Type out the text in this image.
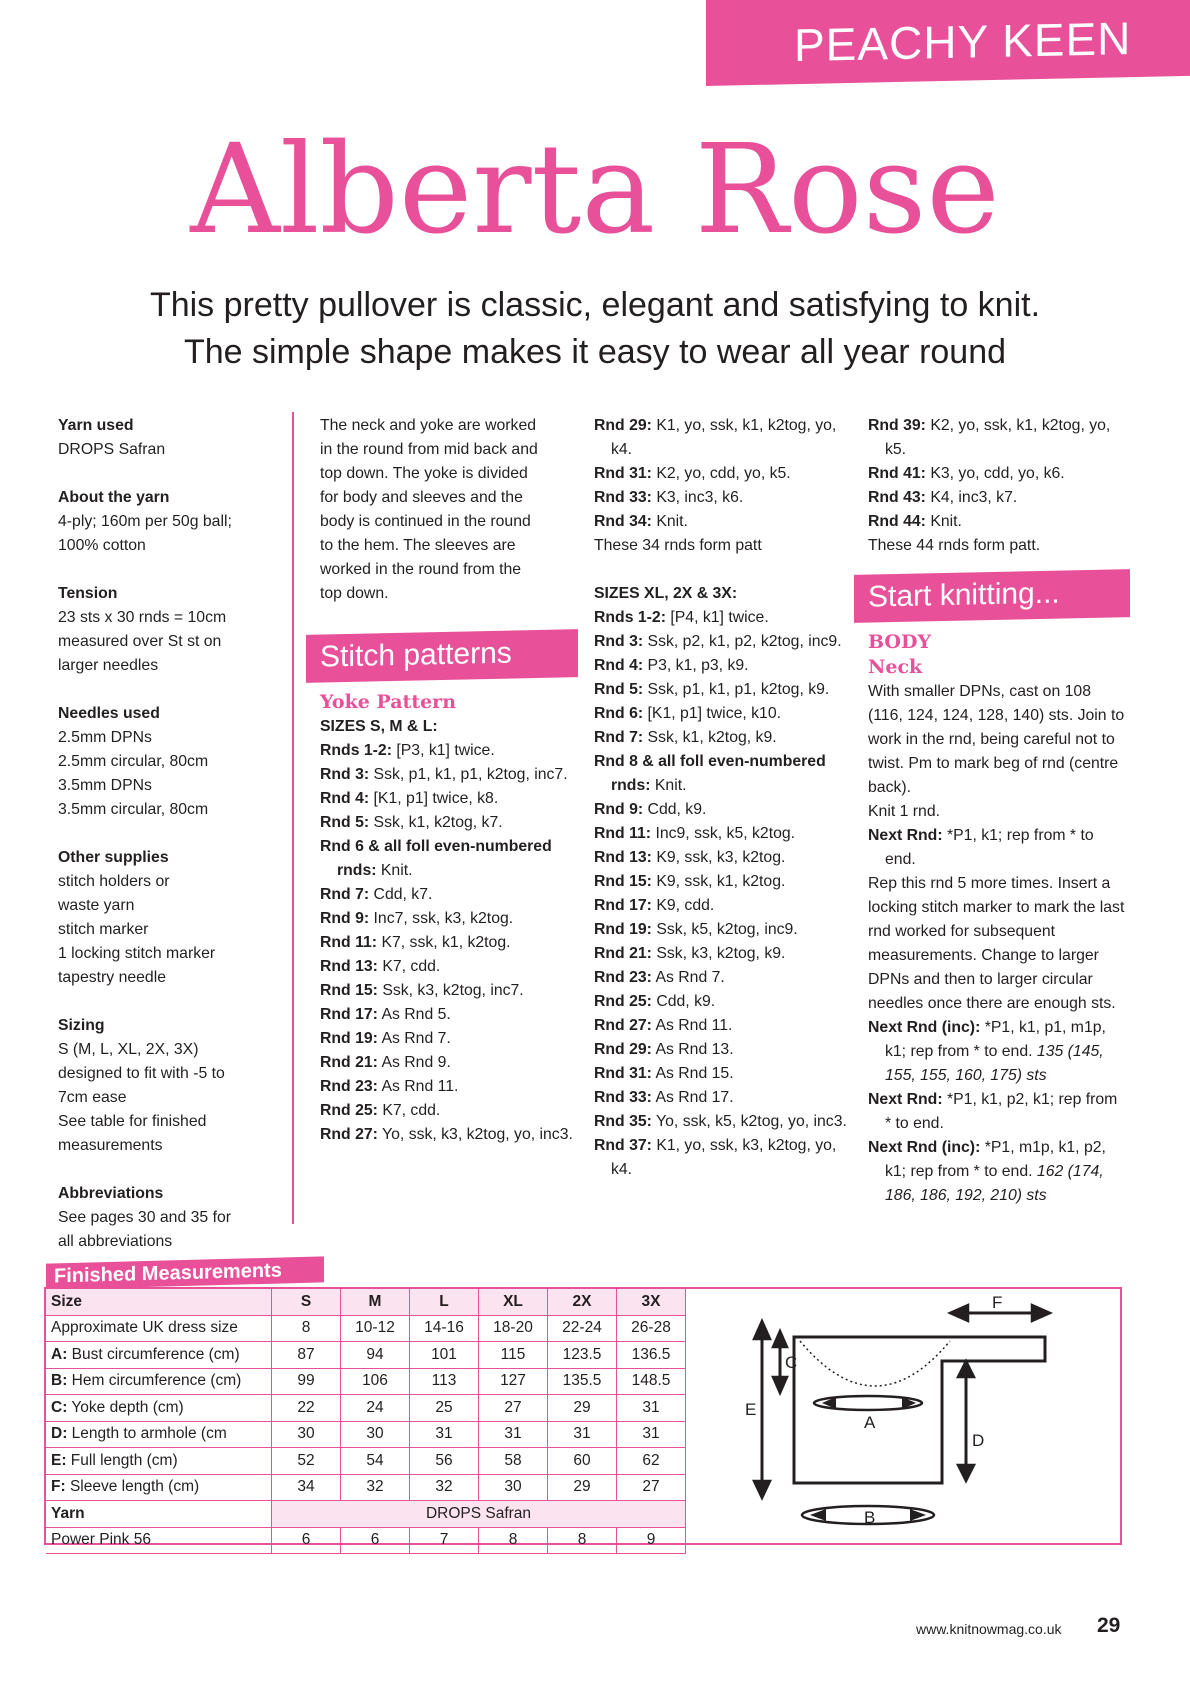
PEACHY KEEN
Alberta Rose
This pretty pullover is classic, elegant and satisfying to knit.
The simple shape makes it easy to wear all year round

Yarn used

DROPS Safran

About the yarn

4-ply; 160m per 50g ball;

100% cotton

Tension

23 sts x 30 rnds = 10cm

measured over St st on

larger needles

Needles used

2.5mm DPNs

2.5mm circular, 80cm

3.5mm DPNs

3.5mm circular, 80cm

Other supplies

stitch holders or

waste yarn

stitch marker

1 locking stitch marker

tapestry needle

Sizing

S (M, L, XL, 2X, 3X)

designed to fit with -5 to

7cm ease

See table for finished

measurements

Abbreviations

See pages 30 and 35 for

all abbreviations

The neck and yoke are worked

in the round from mid back and

top down. The yoke is divided

for body and sleeves and the

body is continued in the round

to the hem. The sleeves are

worked in the round from the

top down.

Stitch patterns
Yoke Pattern

SIZES S, M & L:

Rnds 1-2: [P3, k1] twice.

Rnd 3: Ssk, p1, k1, p1, k2tog, inc7.

Rnd 4: [K1, p1] twice, k8.

Rnd 5: Ssk, k1, k2tog, k7.

Rnd 6 & all foll even-numbered rnds: Knit.

Rnd 7: Cdd, k7.

Rnd 9: Inc7, ssk, k3, k2tog.

Rnd 11: K7, ssk, k1, k2tog.

Rnd 13: K7, cdd.

Rnd 15: Ssk, k3, k2tog, inc7.

Rnd 17: As Rnd 5.

Rnd 19: As Rnd 7.

Rnd 21: As Rnd 9.

Rnd 23: As Rnd 11.

Rnd 25: K7, cdd.

Rnd 27: Yo, ssk, k3, k2tog, yo, inc3.

Rnd 29: K1, yo, ssk, k1, k2tog, yo, k4.

Rnd 31: K2, yo, cdd, yo, k5.

Rnd 33: K3, inc3, k6.

Rnd 34: Knit.

These 34 rnds form patt

SIZES XL, 2X & 3X:

Rnds 1-2: [P4, k1] twice.

Rnd 3: Ssk, p2, k1, p2, k2tog, inc9.

Rnd 4: P3, k1, p3, k9.

Rnd 5: Ssk, p1, k1, p1, k2tog, k9.

Rnd 6: [K1, p1] twice, k10.

Rnd 7: Ssk, k1, k2tog, k9.

Rnd 8 & all foll even-numbered rnds: Knit.

Rnd 9: Cdd, k9.

Rnd 11: Inc9, ssk, k5, k2tog.

Rnd 13: K9, ssk, k3, k2tog.

Rnd 15: K9, ssk, k1, k2tog.

Rnd 17: K9, cdd.

Rnd 19: Ssk, k5, k2tog, inc9.

Rnd 21: Ssk, k3, k2tog, k9.

Rnd 23: As Rnd 7.

Rnd 25: Cdd, k9.

Rnd 27: As Rnd 11.

Rnd 29: As Rnd 13.

Rnd 31: As Rnd 15.

Rnd 33: As Rnd 17.

Rnd 35: Yo, ssk, k5, k2tog, yo, inc3.

Rnd 37: K1, yo, ssk, k3, k2tog, yo, k4.

Rnd 39: K2, yo, ssk, k1, k2tog, yo, k5.

Rnd 41: K3, yo, cdd, yo, k6.

Rnd 43: K4, inc3, k7.

Rnd 44: Knit.

These 44 rnds form patt.

Start knitting...
BODY
Neck

With smaller DPNs, cast on 108 (116, 124, 124, 128, 140) sts. Join to work in the rnd, being careful not to twist. Pm to mark beg of rnd (centre back).

Knit 1 rnd.

Next Rnd: *P1, k1; rep from * to end.

Rep this rnd 5 more times. Insert a locking stitch marker to mark the last rnd worked for subsequent measurements. Change to larger DPNs and then to larger circular needles once there are enough sts.

Next Rnd (inc): *P1, k1, p1, m1p, k1; rep from * to end. 135 (145, 155, 155, 160, 175) sts

Next Rnd: *P1, k1, p2, k1; rep from * to end.

Next Rnd (inc): *P1, m1p, k1, p2, k1; rep from * to end. 162 (174, 186, 186, 192, 210) sts

Finished Measurements
Size	S	M	L	XL	2X	3X
Approximate UK dress size	8	10-12	14-16	18-20	22-24	26-28
A: Bust circumference (cm)	87	94	101	115	123.5	136.5
B: Hem circumference (cm)	99	106	113	127	135.5	148.5
C: Yoke depth (cm)	22	24	25	27	29	31
D: Length to armhole (cm	30	30	31	31	31	31
E: Full length (cm)	52	54	56	58	60	62
F: Sleeve length (cm)	34	32	32	30	29	27
Yarn	DROPS Safran					
Power Pink 56	6	6	7	8	8	9
A
B
C
D
E
F
www.knitnowmag.co.uk 29
